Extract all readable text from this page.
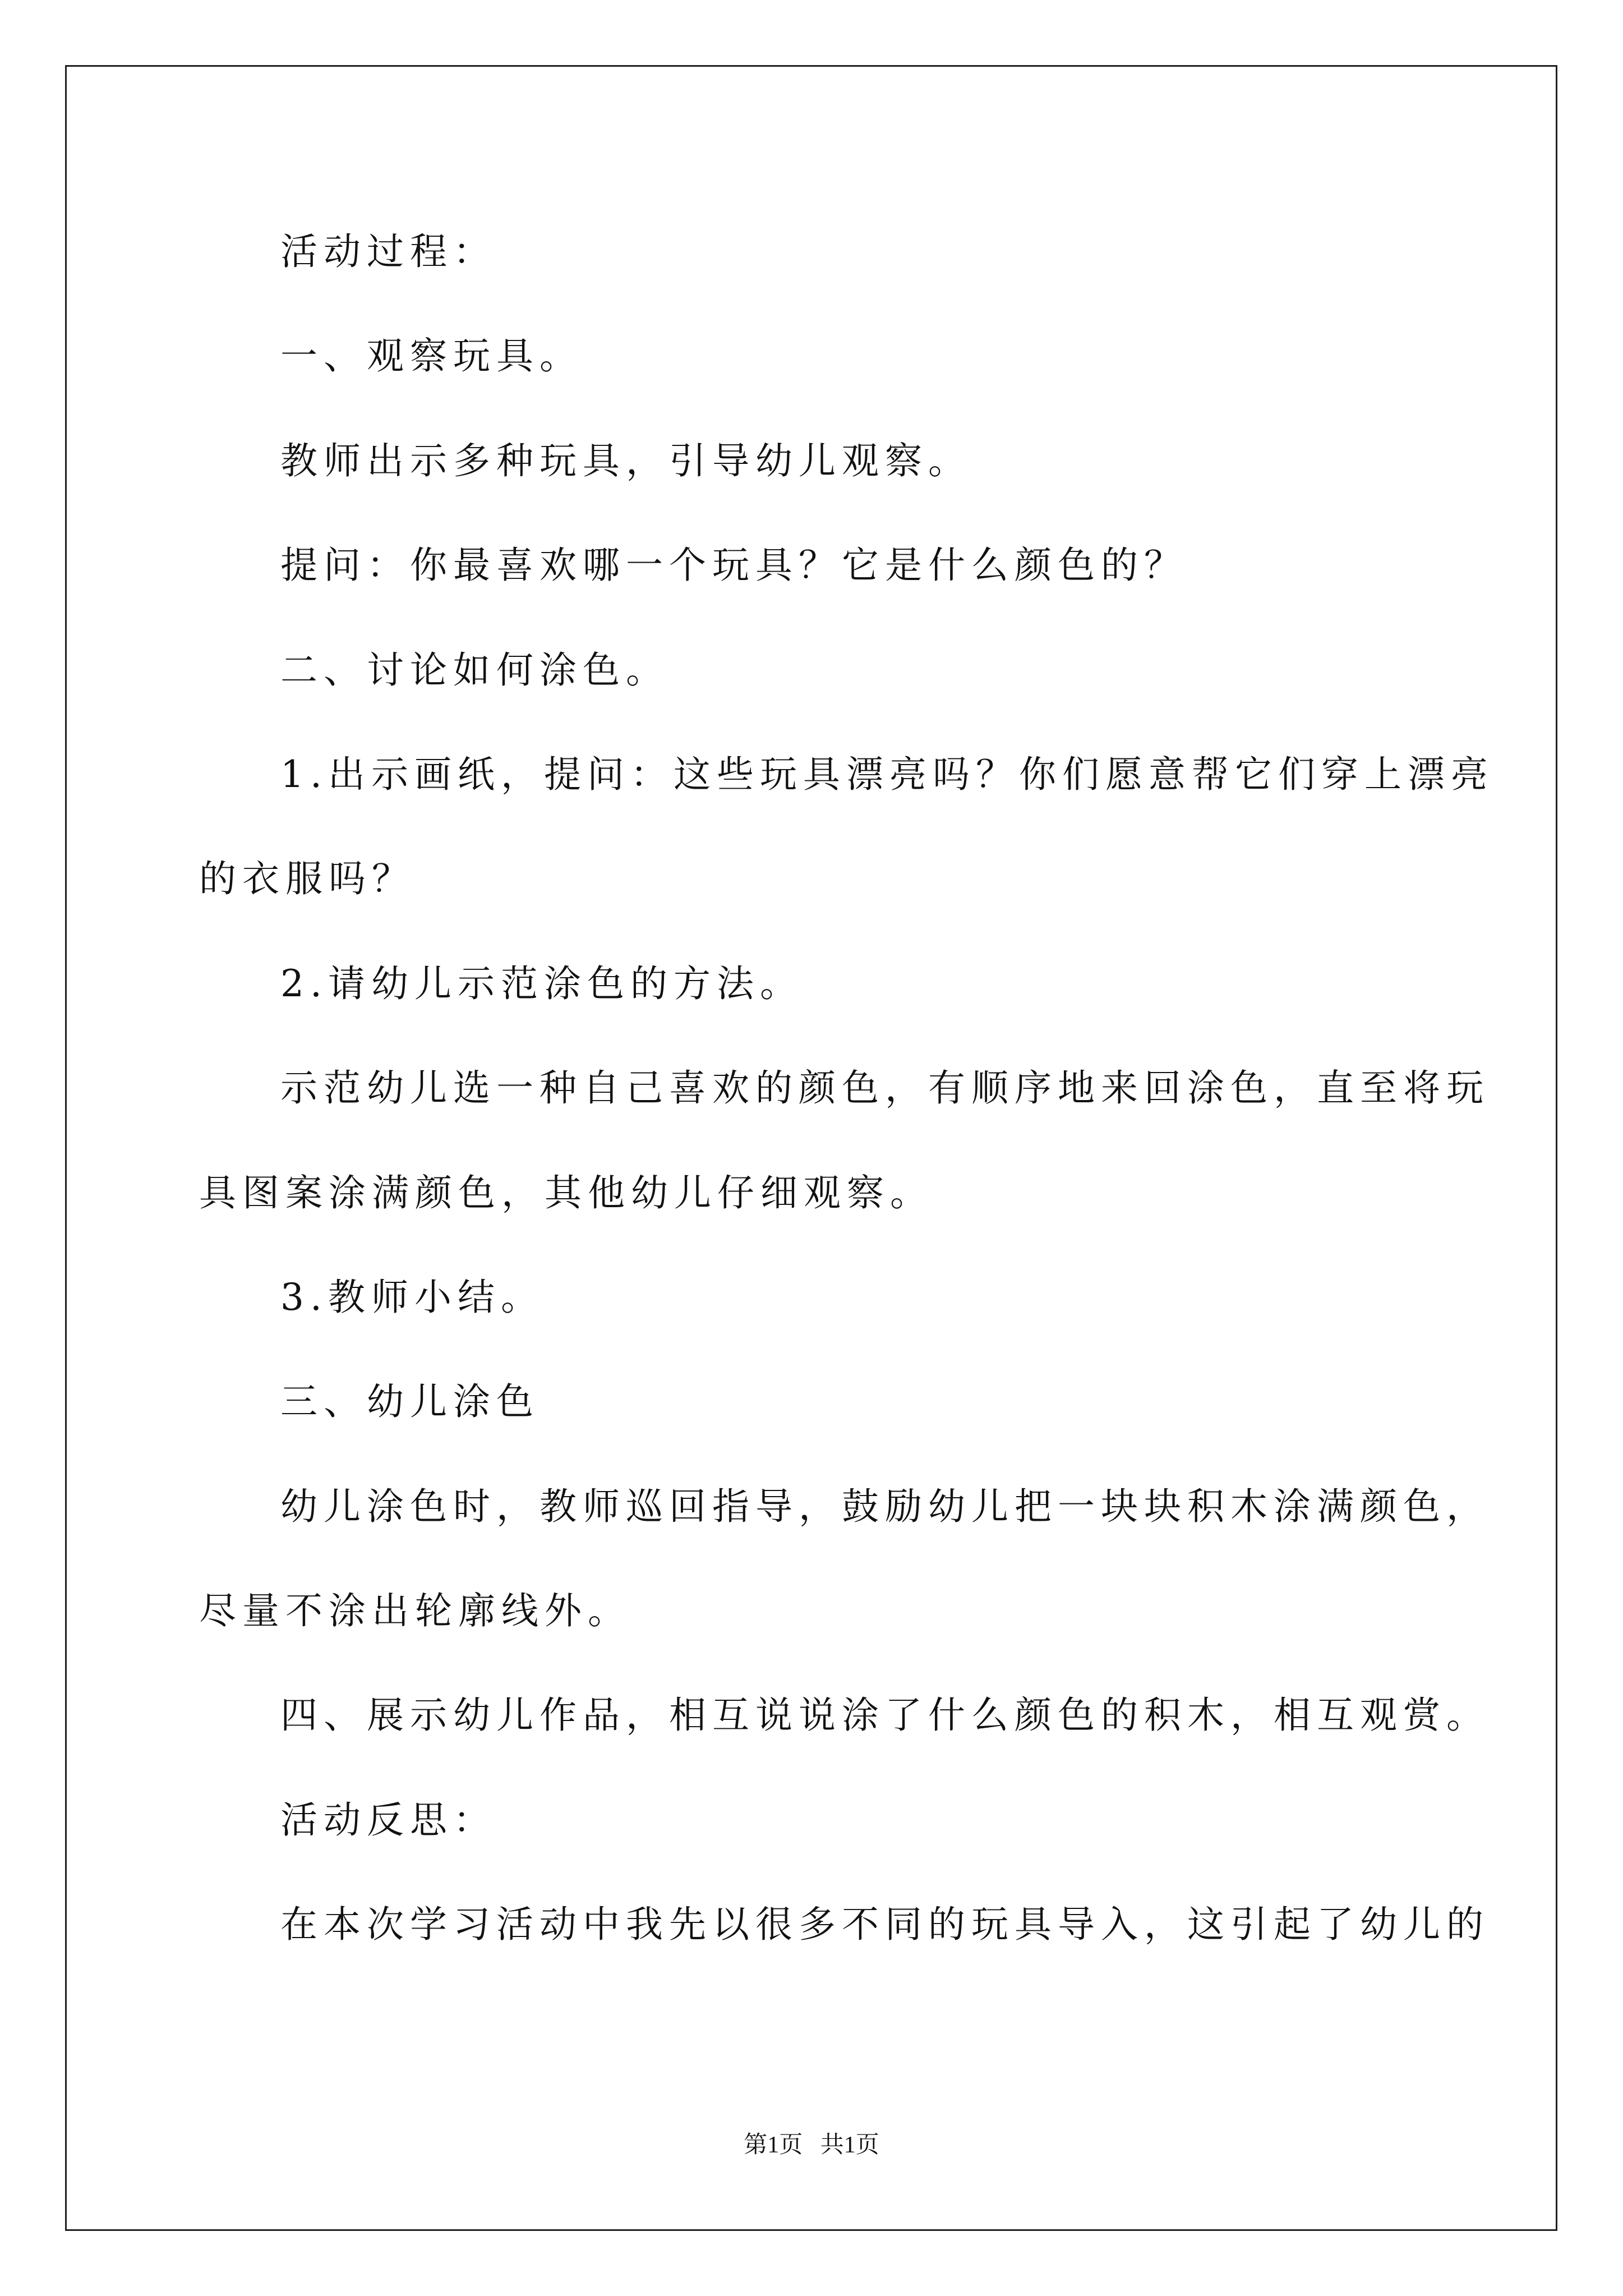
活动过程：
一、观察玩具。
教师出示多种玩具，引导幼儿观察。
提问：你最喜欢哪一个玩具？它是什么颜色的？
二、讨论如何涂色。
1.出示画纸，提问：这些玩具漂亮吗？你们愿意帮它们穿上漂亮
的衣服吗？
2.请幼儿示范涂色的方法。
示范幼儿选一种自己喜欢的颜色，有顺序地来回涂色，直至将玩
具图案涂满颜色，其他幼儿仔细观察。
3.教师小结。
三、幼儿涂色
幼儿涂色时，教师巡回指导，鼓励幼儿把一块块积木涂满颜色，
尽量不涂出轮廓线外。
四、展示幼儿作品，相互说说涂了什么颜色的积木，相互观赏。
活动反思：
在本次学习活动中我先以很多不同的玩具导入，这引起了幼儿的
第1页   共1页
